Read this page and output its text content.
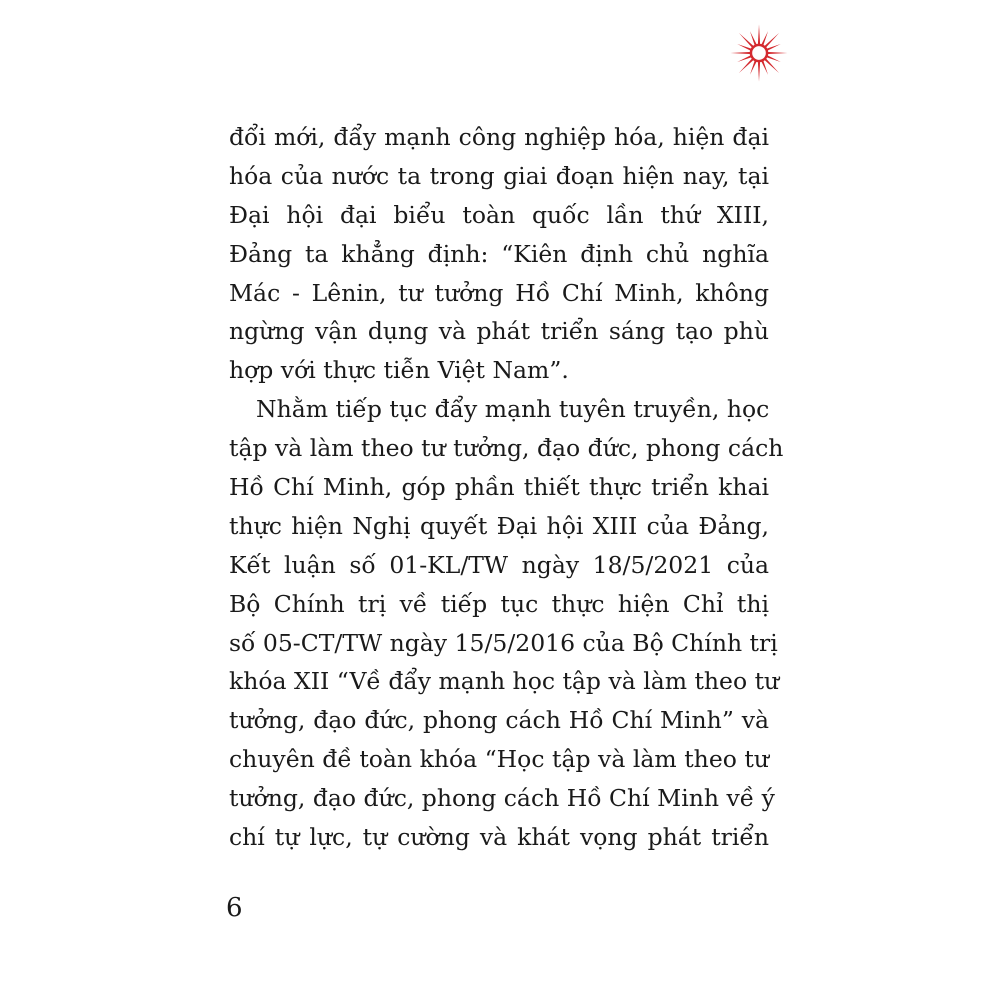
đổi mới, đẩy mạnh công nghiệp hóa, hiện đại
hóa của nước ta trong giai đoạn hiện nay, tại
Đại hội đại biểu toàn quốc lần thứ XIII,
Đảng ta khẳng định: “Kiên định chủ nghĩa
Mác - Lênin, tư tưởng Hồ Chí Minh, không
ngừng vận dụng và phát triển sáng tạo phù
hợp với thực tiễn Việt Nam”.
Nhằm tiếp tục đẩy mạnh tuyên truyền, học
tập và làm theo tư tưởng, đạo đức, phong cách
Hồ Chí Minh, góp phần thiết thực triển khai
thực hiện Nghị quyết Đại hội XIII của Đảng,
Kết luận số 01-KL/TW ngày 18/5/2021 của
Bộ Chính trị về tiếp tục thực hiện Chỉ thị
số 05-CT/TW ngày 15/5/2016 của Bộ Chính trị
khóa XII “Về đẩy mạnh học tập và làm theo tư
tưởng, đạo đức, phong cách Hồ Chí Minh” và
chuyên đề toàn khóa “Học tập và làm theo tư
tưởng, đạo đức, phong cách Hồ Chí Minh về ý
chí tự lực, tự cường và khát vọng phát triển
6
